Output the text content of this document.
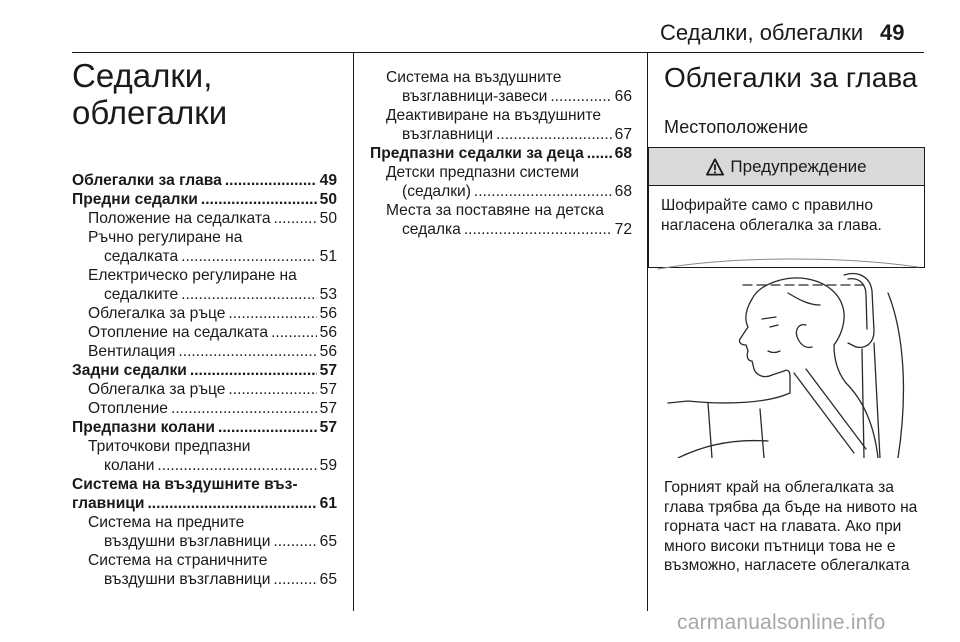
Седалки, облегалки 49
Седалки,
облегалки
Облегалки за глава .....	49
Предни седалки .....	50
Положение на седалката .....	50
Ръчно регулиране на
седалката .....	51
Електрическо регулиране на
седалките .....	53
Облегалка за ръце .....	56
Отопление на седалката .....	56
Вентилация .....	56
Задни седалки .....	57
Облегалка за ръце .....	57
Отопление .....	57
Предпазни колани .....	57
Триточкови предпазни
колани .....	59
Система на въздушните въз-
главници .....	61
Система на предните
въздушни възглавници .....	65
Система на страничните
въздушни възглавници .....	65
Система на въздушните
възглавници-завеси .....	66
Деактивиране на въздушните
възглавници .....	67
Предпазни седалки за деца ..... 68
Детски предпазни системи
(седалки) .....	68
Места за поставяне на детска
седалка .....	72
Облегалки за глава
Местоположение
Предупреждение
Шофирайте само с правилно
нагласена облегалка за глава.

Горният край на облегалката за

глава трябва да бъде на нивото на

горната част на главата. Ако при

много високи пътници това не е

възможно, нагласете облегалката

carmanualsonline.info
